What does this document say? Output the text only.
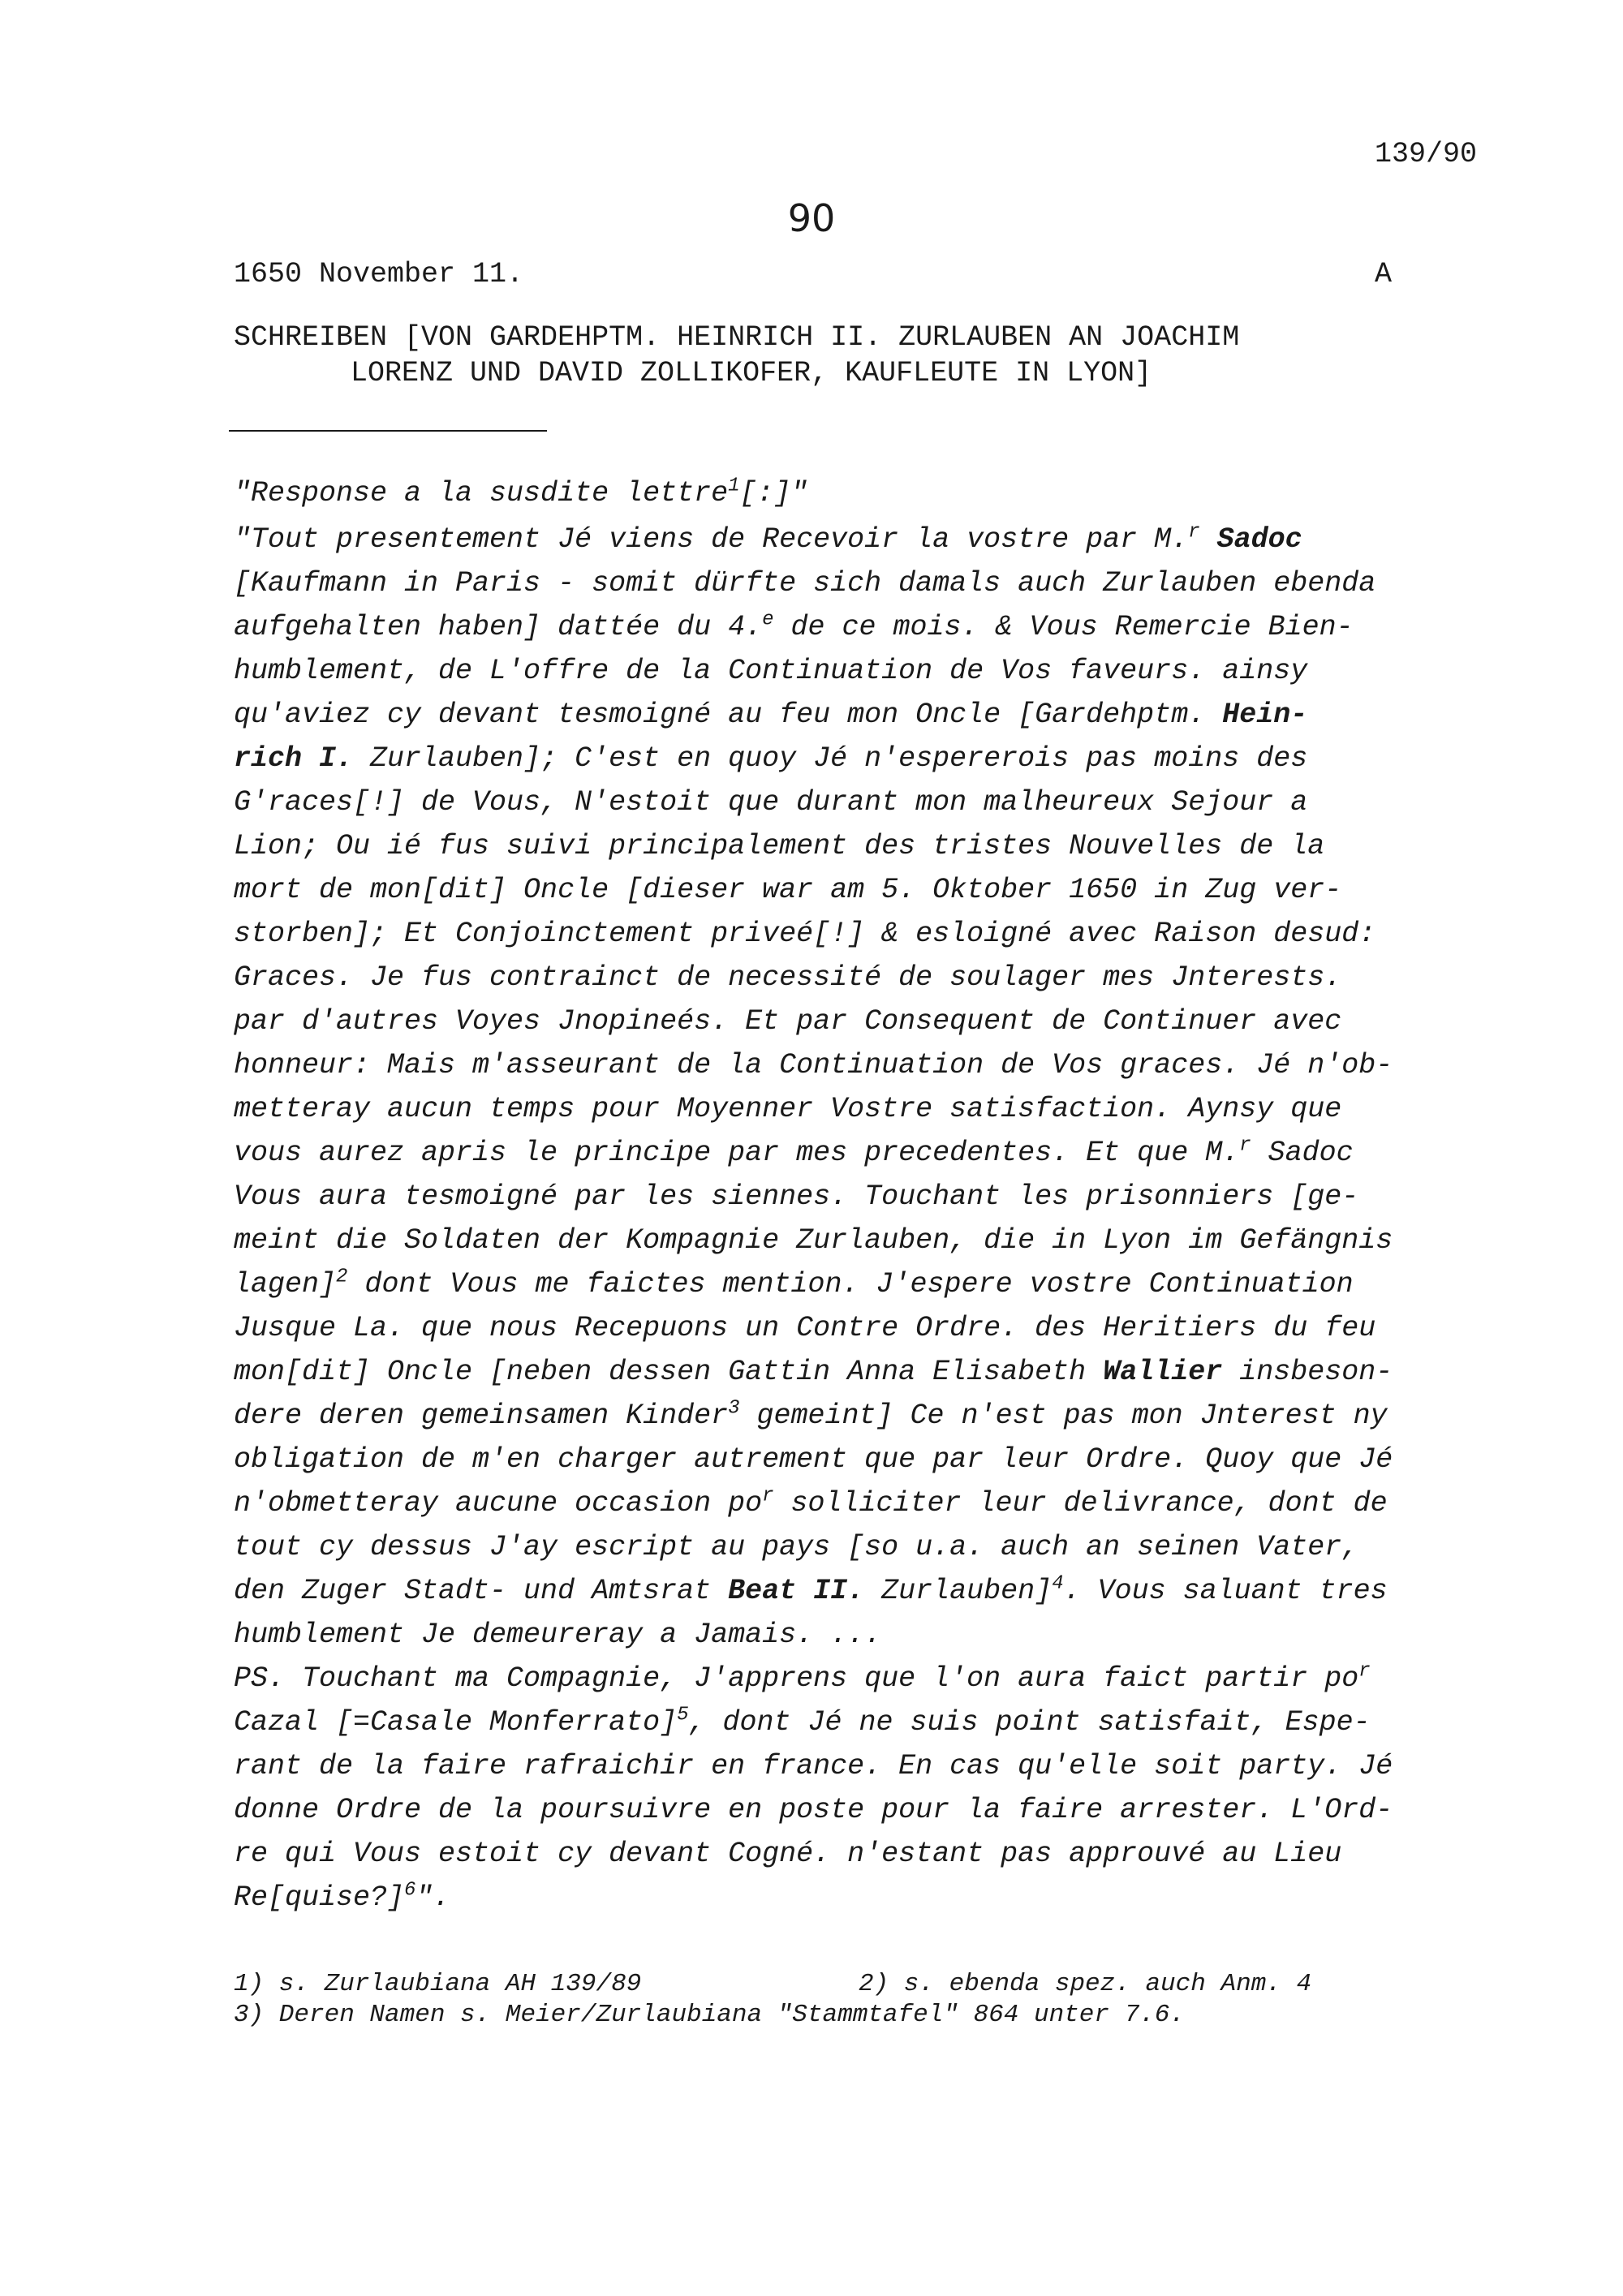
139/90
90
1650 November 11.	A
SCHREIBEN [VON GARDEHPTM. HEINRICH II. ZURLAUBEN AN JOACHIM
LORENZ UND DAVID ZOLLIKOFER, KAUFLEUTE IN LYON]
"Response a la susdite lettre$^1$[:]"
"Tout presentement Jé viens de Recevoir la vostre par M.$^r$ Sadoc
[Kaufmann in Paris - somit dürfte sich damals auch Zurlauben ebenda
aufgehalten haben] dattée du 4.$^e$ de ce mois. & Vous Remercie Bien-
humblement, de L'offre de la Continuation de Vos faveurs. ainsy
qu'aviez cy devant tesmoigné au feu mon Oncle [Gardehptm. Hein-
rich I. Zurlauben]; C'est en quoy Jé n'espererois pas moins des
G'races[!] de Vous, N'estoit que durant mon malheureux Sejour a
Lion; Ou ié fus suivi principalement des tristes Nouvelles de la
mort de mon[dit] Oncle [dieser war am 5. Oktober 1650 in Zug ver-
storben]; Et Conjoinctement priveé[!] & esloigné avec Raison desud:
Graces. Je fus contrainct de necessité de soulager mes Jnterests.
par d'autres Voyes Jnopineés. Et par Consequent de Continuer avec
honneur: Mais m'asseurant de la Continuation de Vos graces. Jé n'ob-
metteray aucun temps pour Moyenner Vostre satisfaction. Aynsy que
vous aurez apris le principe par mes precedentes. Et que M.$^r$ Sadoc
Vous aura tesmoigné par les siennes. Touchant les prisonniers [ge-
meint die Soldaten der Kompagnie Zurlauben, die in Lyon im Gefängnis
lagen]$^2$ dont Vous me faictes mention. J'espere vostre Continuation
Jusque La. que nous Recepuons un Contre Ordre. des Heritiers du feu
mon[dit] Oncle [neben dessen Gattin Anna Elisabeth Wallier insbeson-
dere deren gemeinsamen Kinder$^3$ gemeint] Ce n'est pas mon Jnterest ny
obligation de m'en charger autrement que par leur Ordre. Quoy que Jé
n'obmetteray aucune occasion $po^r$ solliciter leur delivrance, dont de
tout cy dessus J'ay escript au pays [so u.a. auch an seinen Vater,
den Zuger Stadt- und Amtsrat Beat II. Zurlauben]$^4$. Vous saluant tres
humblement Je demeureray a Jamais. ...
PS. Touchant ma Compagnie, J'apprens que l'on aura faict partir $po^r$
Cazal [=Casale Monferrato]$^5$, dont Jé ne suis point satisfait, Espe-
rant de la faire rafraichir en france. En cas qu'elle soit party. Jé
donne Ordre de la poursuivre en poste pour la faire arrester. L'Ord-
re qui Vous estoit cy devant Cogné. n'estant pas approuvé au Lieu
Re[quise?]$^6$".
1) s. Zurlaubiana AH 139/89	2) s. ebenda spez. auch Anm. 4
3) Deren Namen s. Meier/Zurlaubiana "Stammtafel" 864 unter 7.6.
